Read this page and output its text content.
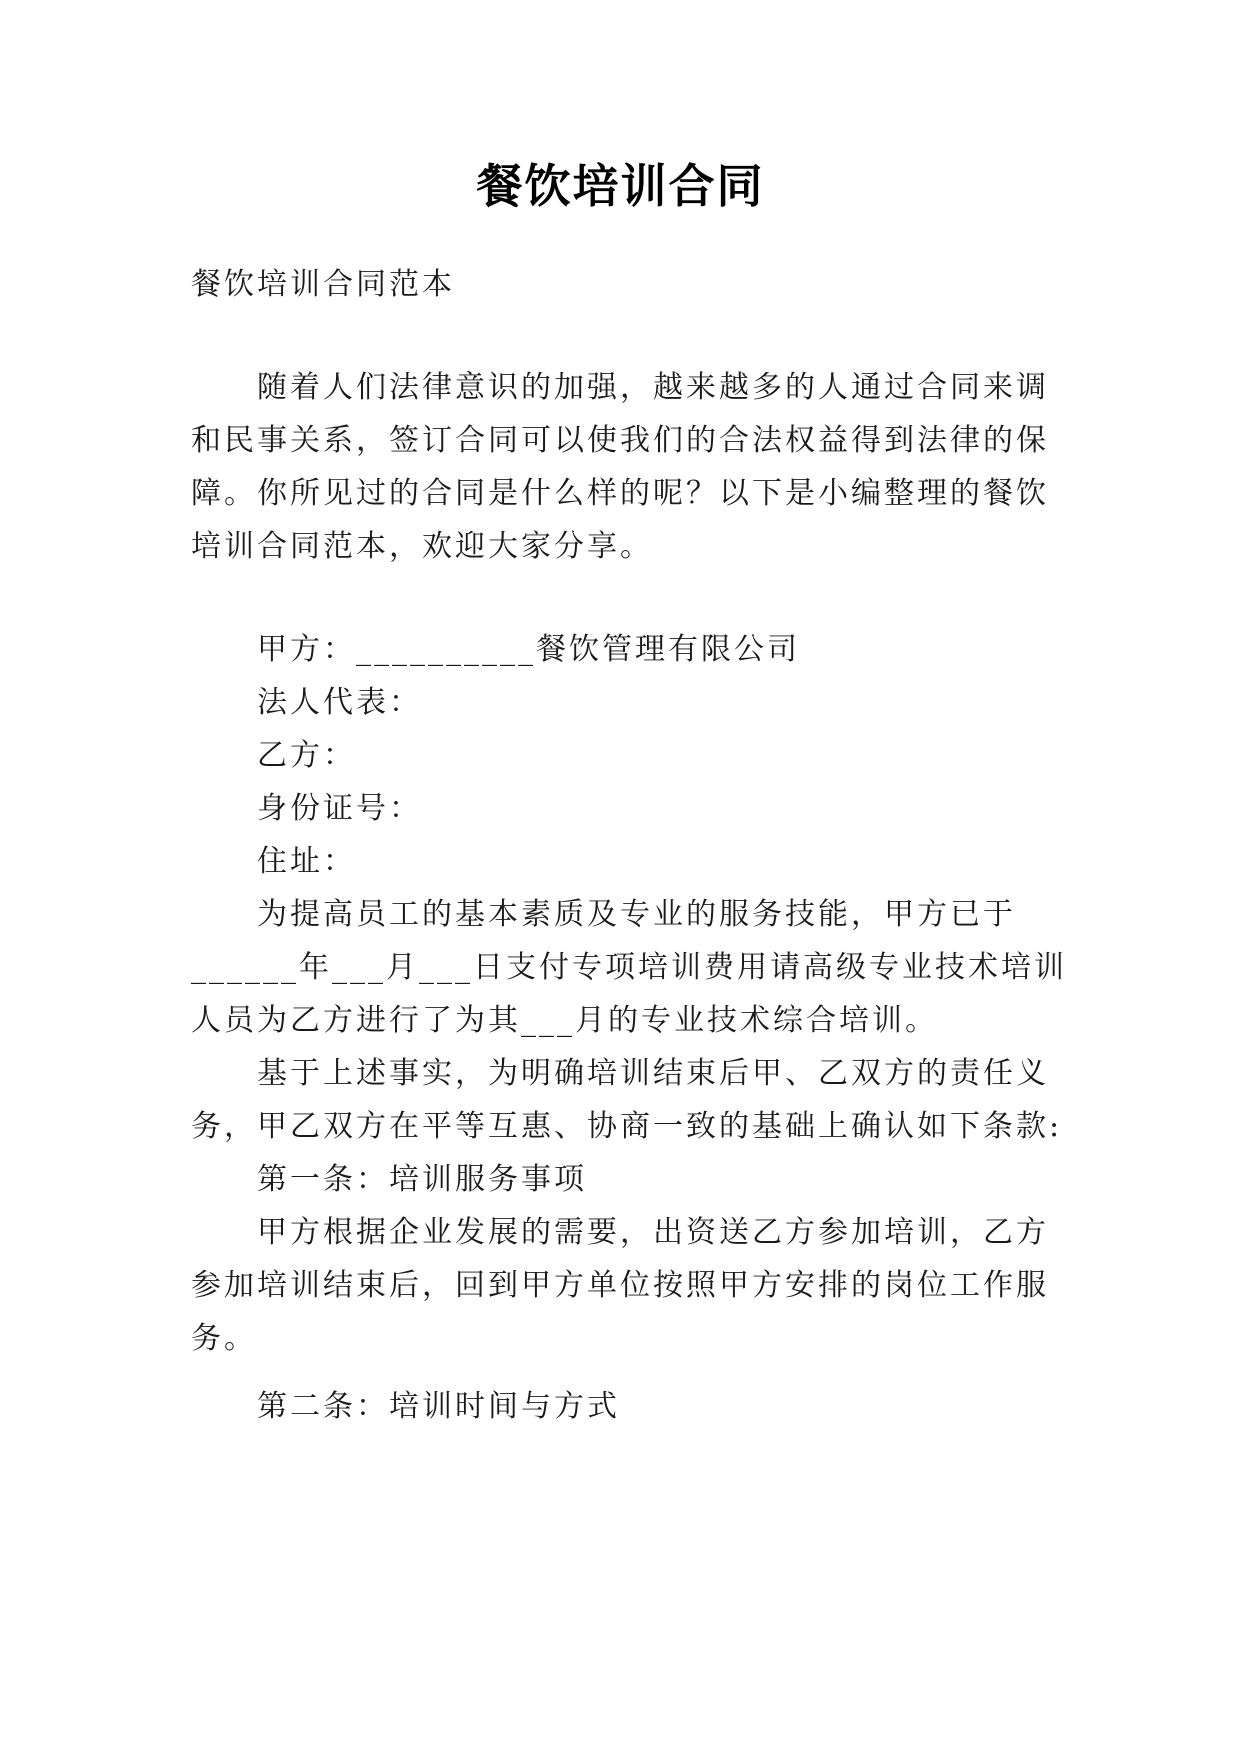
餐饮培训合同
餐饮培训合同范本
随着人们法律意识的加强，越来越多的人通过合同来调
和民事关系，签订合同可以使我们的合法权益得到法律的保
障。你所见过的合同是什么样的呢？以下是小编整理的餐饮
培训合同范本，欢迎大家分享。
甲方：__________餐饮管理有限公司
法人代表：
乙方：
身份证号：
住址：
为提高员工的基本素质及专业的服务技能，甲方已于
______年___月___日支付专项培训费用请高级专业技术培训
人员为乙方进行了为其___月的专业技术综合培训。
基于上述事实，为明确培训结束后甲、乙双方的责任义
务，甲乙双方在平等互惠、协商一致的基础上确认如下条款:
第一条：培训服务事项
甲方根据企业发展的需要，出资送乙方参加培训，乙方
参加培训结束后，回到甲方单位按照甲方安排的岗位工作服
务。
第二条：培训时间与方式
